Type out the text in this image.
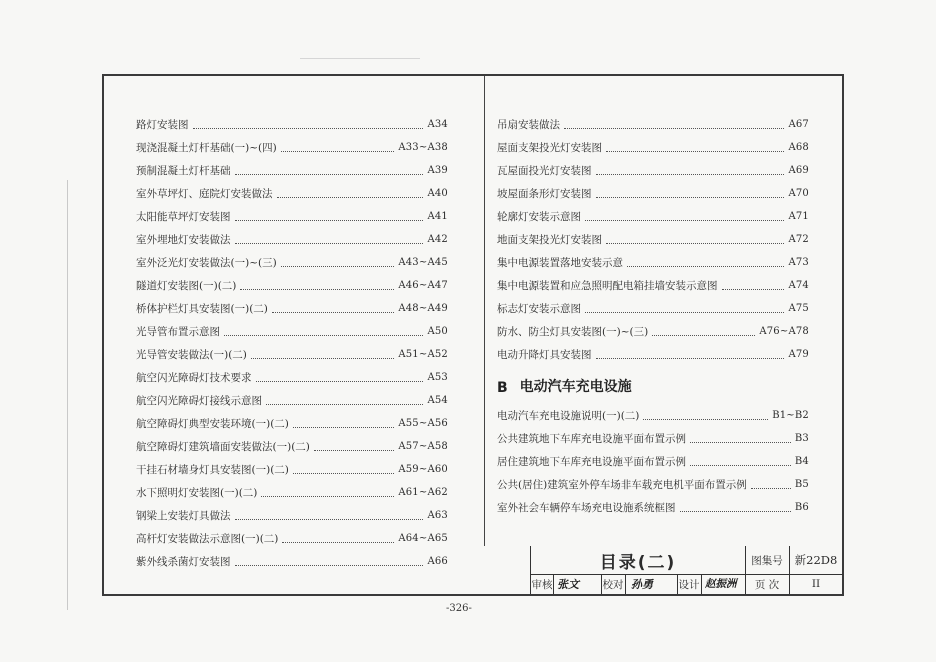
路灯安装图	A34
现浇混凝土灯杆基础(一)~(四)	A33~A38
预制混凝土灯杆基础	A39
室外草坪灯、庭院灯安装做法	A40
太阳能草坪灯安装图	A41
室外埋地灯安装做法	A42
室外泛光灯安装做法(一)~(三)	A43~A45
隧道灯安装图(一)(二)	A46~A47
桥体护栏灯具安装图(一)(二)	A48~A49
光导管布置示意图	A50
光导管安装做法(一)(二)	A51~A52
航空闪光障碍灯技术要求	A53
航空闪光障碍灯接线示意图	A54
航空障碍灯典型安装环境(一)(二)	A55~A56
航空障碍灯建筑墙面安装做法(一)(二)	A57~A58
干挂石材墙身灯具安装图(一)(二)	A59~A60
水下照明灯安装图(一)(二)	A61~A62
钢梁上安装灯具做法	A63
高杆灯安装做法示意图(一)(二)	A64~A65
紫外线杀菌灯安装图	A66
吊扇安装做法	A67
屋面支架投光灯安装图	A68
瓦屋面投光灯安装图	A69
坡屋面条形灯安装图	A70
轮廓灯安装示意图	A71
地面支架投光灯安装图	A72
集中电源装置落地安装示意	A73
集中电源装置和应急照明配电箱挂墙安装示意图	A74
标志灯安装示意图	A75
防水、防尘灯具安装图(一)~(三)	A76~A78
电动升降灯具安装图	A79
B 电动汽车充电设施
电动汽车充电设施说明(一)(二)	B1~B2
公共建筑地下车库充电设施平面布置示例	B3
居住建筑地下车库充电设施平面布置示例	B4
公共(居住)建筑室外停车场非车载充电机平面布置示例	B5
室外社会车辆停车场充电设施系统框图	B6
目录(二)	图集号	新22D8
审核 张文 校对 孙勇 设计 赵振洲	页 次	II
-326-
